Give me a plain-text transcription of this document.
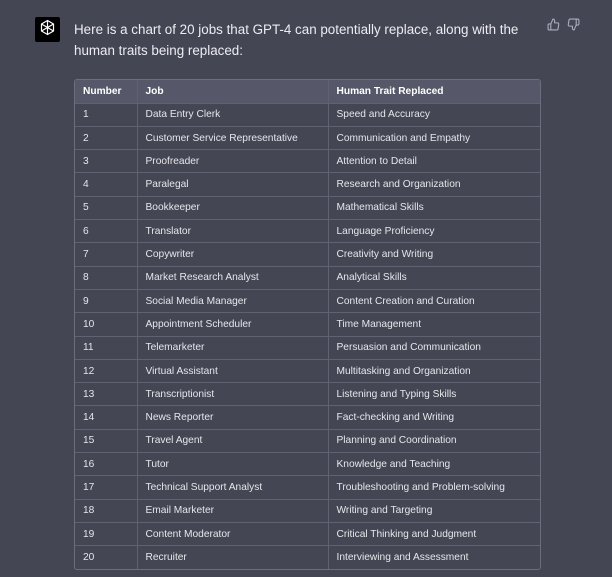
Here is a chart of 20 jobs that GPT-4 can potentially replace, along with the human traits being replaced:
Number	Job	Human Trait Replaced
1	Data Entry Clerk	Speed and Accuracy
2	Customer Service Representative	Communication and Empathy
3	Proofreader	Attention to Detail
4	Paralegal	Research and Organization
5	Bookkeeper	Mathematical Skills
6	Translator	Language Proficiency
7	Copywriter	Creativity and Writing
8	Market Research Analyst	Analytical Skills
9	Social Media Manager	Content Creation and Curation
10	Appointment Scheduler	Time Management
11	Telemarketer	Persuasion and Communication
12	Virtual Assistant	Multitasking and Organization
13	Transcriptionist	Listening and Typing Skills
14	News Reporter	Fact-checking and Writing
15	Travel Agent	Planning and Coordination
16	Tutor	Knowledge and Teaching
17	Technical Support Analyst	Troubleshooting and Problem-solving
18	Email Marketer	Writing and Targeting
19	Content Moderator	Critical Thinking and Judgment
20	Recruiter	Interviewing and Assessment
